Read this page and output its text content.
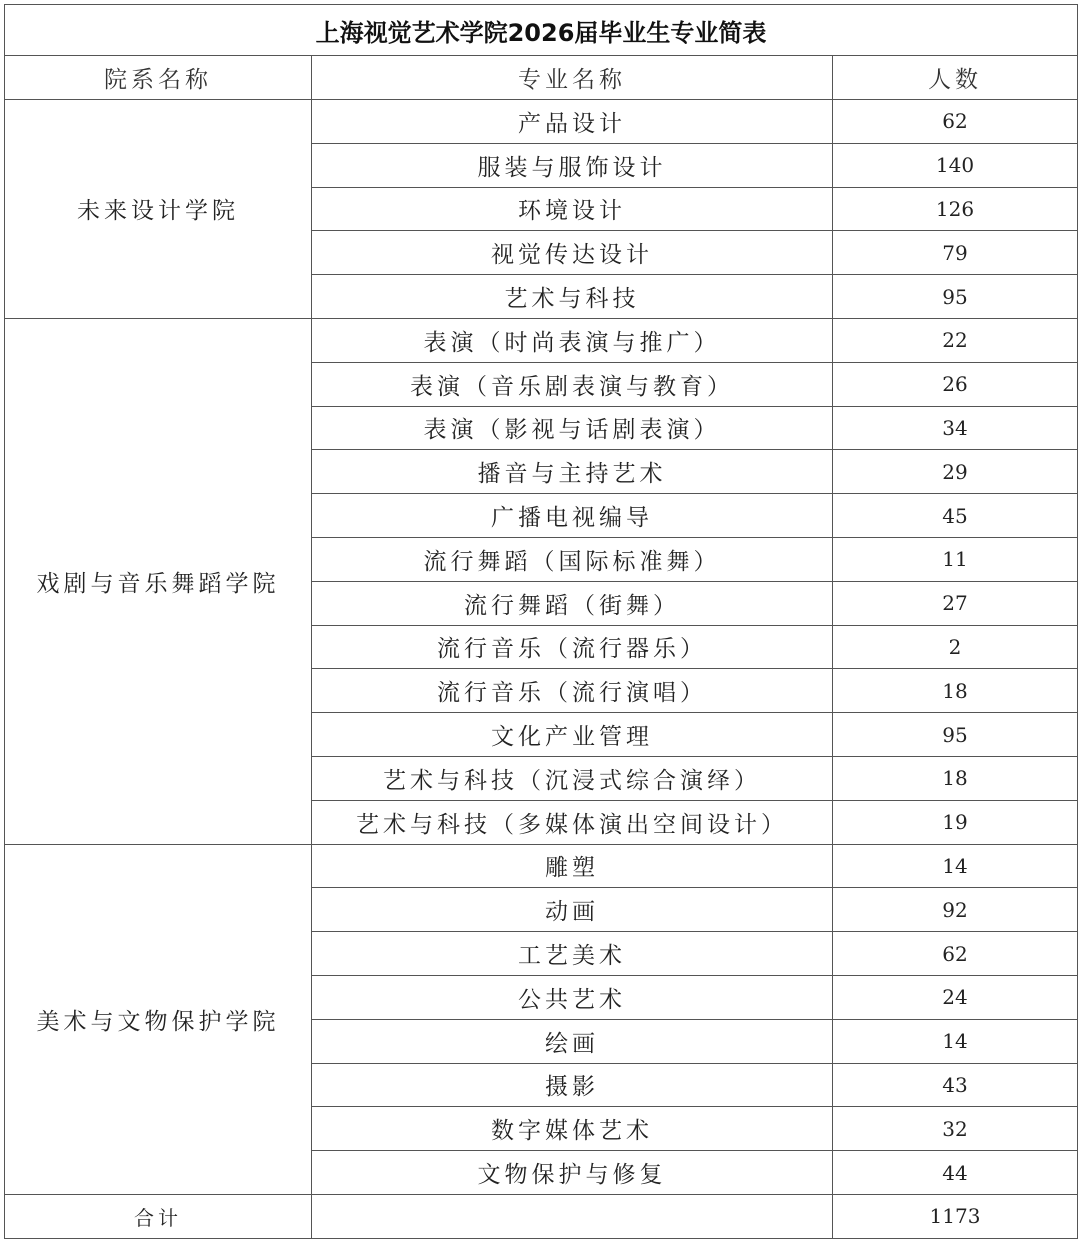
上海视觉艺术学院2026届毕业生专业简表		
院系名称	专业名称	人数
未来设计学院	产品设计	62
	服装与服饰设计	140
	环境设计	126
	视觉传达设计	79
	艺术与科技	95
戏剧与音乐舞蹈学院	表演（时尚表演与推广）	22
	表演（音乐剧表演与教育）	26
	表演（影视与话剧表演）	34
	播音与主持艺术	29
	广播电视编导	45
	流行舞蹈（国际标准舞）	11
	流行舞蹈（街舞）	27
	流行音乐（流行器乐）	2
	流行音乐（流行演唱）	18
	文化产业管理	95
	艺术与科技（沉浸式综合演绎）	18
	艺术与科技（多媒体演出空间设计）	19
美术与文物保护学院	雕塑	14
	动画	92
	工艺美术	62
	公共艺术	24
	绘画	14
	摄影	43
	数字媒体艺术	32
	文物保护与修复	44
合计		1173
